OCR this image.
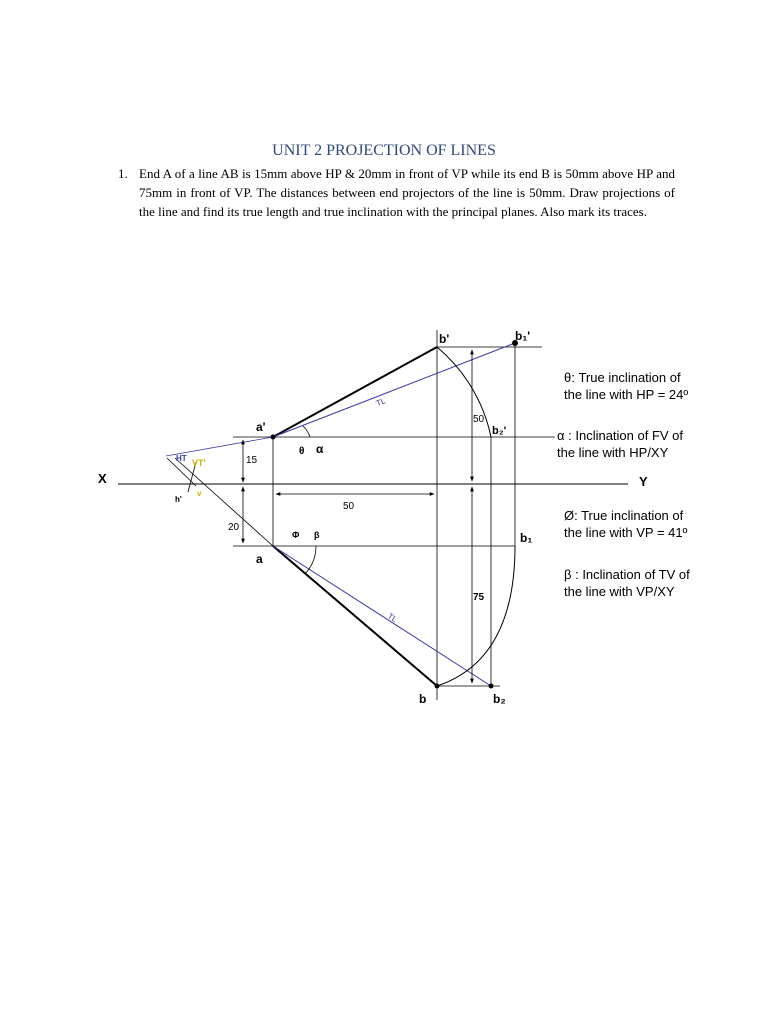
UNIT 2 PROJECTION OF LINES
1. End A of a line AB is 15mm above HP & 20mm in front of VP while its end B is 50mm above HP and 75mm in front of VP. The distances between end projectors of the line is 50mm. Draw projections of the line and find its true length and true inclination with the principal planes. Also mark its traces.
X	Y
a'
a
b'
b
b₁'
b₁
b₂'
b₂
HT VT'
h'
v
TL
TL
θ α
Φ β
15
20
50
50
75
θ: True inclination of
the line with HP = 24º
α : Inclination of FV of
the line with HP/XY
Ø: True inclination of
the line with VP = 41º
β : Inclination of TV of
the line with VP/XY
